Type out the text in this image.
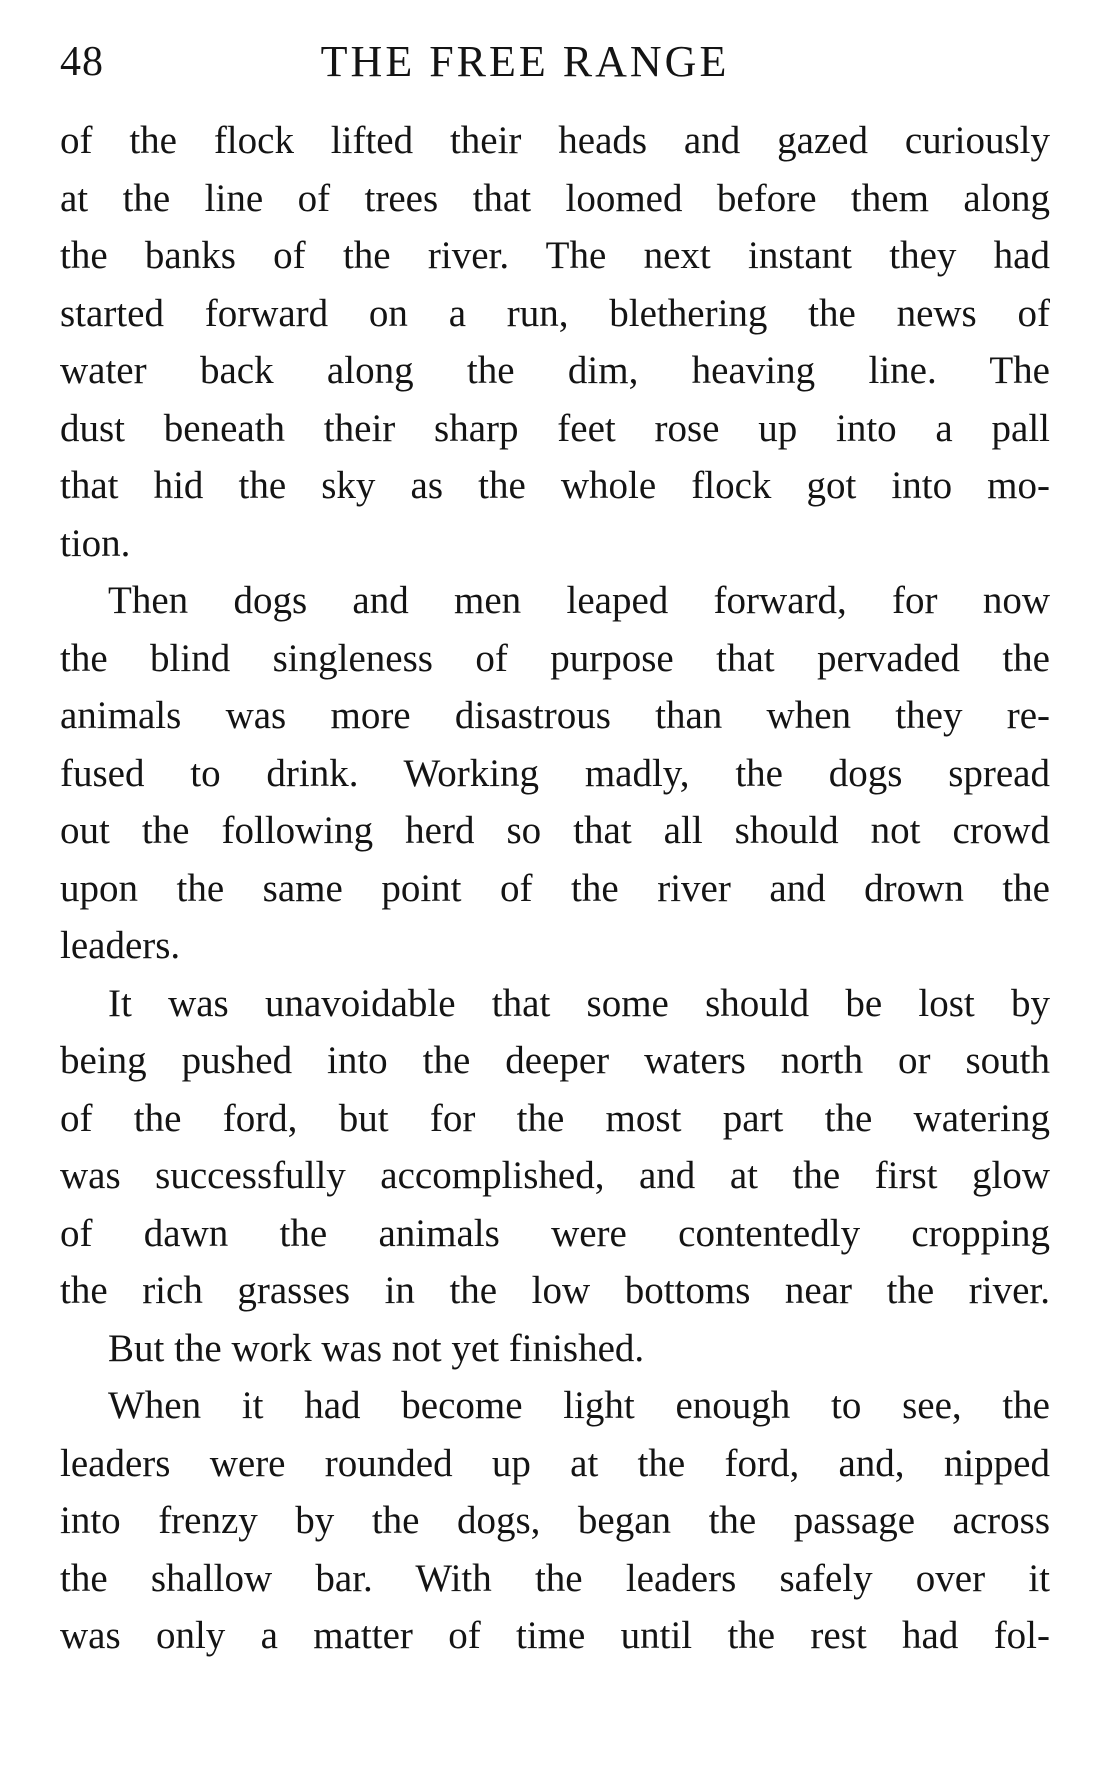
48	THE FREE RANGE
of the flock lifted their heads and gazed curiously
at the line of trees that loomed before them along
the banks of the river. The next instant they had
started forward on a run, blethering the news of
water back along the dim, heaving line. The
dust beneath their sharp feet rose up into a pall
that hid the sky as the whole flock got into mo-
tion.
Then dogs and men leaped forward, for now
the blind singleness of purpose that pervaded the
animals was more disastrous than when they re-
fused to drink. Working madly, the dogs spread
out the following herd so that all should not crowd
upon the same point of the river and drown the
leaders.
It was unavoidable that some should be lost by
being pushed into the deeper waters north or south
of the ford, but for the most part the watering
was successfully accomplished, and at the first glow
of dawn the animals were contentedly cropping
the rich grasses in the low bottoms near the river.
But the work was not yet finished.
When it had become light enough to see, the
leaders were rounded up at the ford, and, nipped
into frenzy by the dogs, began the passage across
the shallow bar. With the leaders safely over it
was only a matter of time until the rest had fol-
